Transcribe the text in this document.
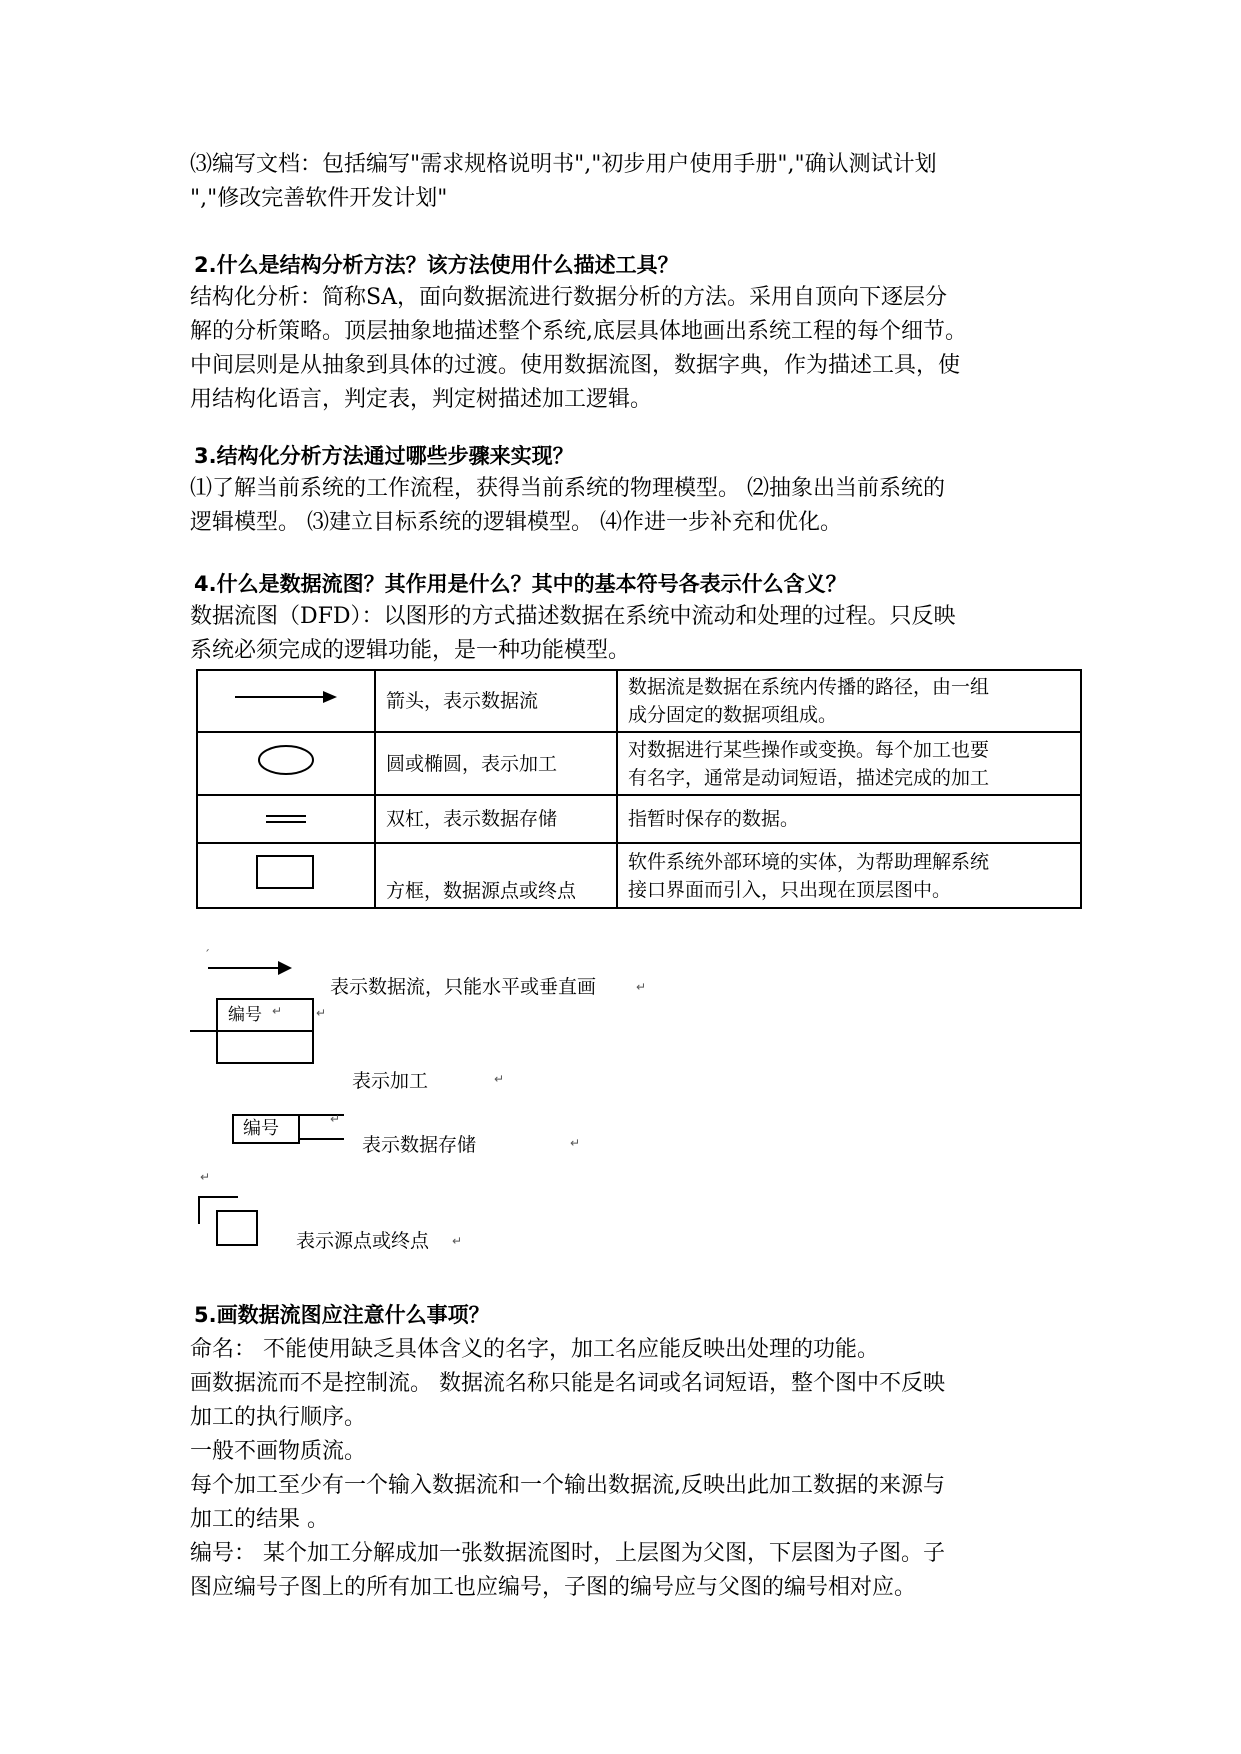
⑶编写文档：包括编写"需求规格说明书","初步用户使用手册","确认测试计划
","修改完善软件开发计划"
2.什么是结构分析方法？该方法使用什么描述工具？
结构化分析：简称SA，面向数据流进行数据分析的方法。采用自顶向下逐层分
解的分析策略。顶层抽象地描述整个系统,底层具体地画出系统工程的每个细节。
中间层则是从抽象到具体的过渡。使用数据流图，数据字典，作为描述工具，使
用结构化语言，判定表，判定树描述加工逻辑。
3.结构化分析方法通过哪些步骤来实现？
⑴了解当前系统的工作流程，获得当前系统的物理模型。 ⑵抽象出当前系统的
逻辑模型。 ⑶建立目标系统的逻辑模型。 ⑷作进一步补充和优化。
4.什么是数据流图？其作用是什么？其中的基本符号各表示什么含义？
数据流图（DFD）：以图形的方式描述数据在系统中流动和处理的过程。只反映
系统必须完成的逻辑功能，是一种功能模型。
	箭头，表示数据流	数据流是数据在系统内传播的路径，由一组
成分固定的数据项组成。

	圆或椭圆，表示加工	对数据进行某些操作或变换。每个加工也要
有名字，通常是动词短语，描述完成的加工

	双杠，表示数据存储	指暂时保存的数据。

	方框，数据源点或终点	软件系统外部环境的实体，为帮助理解系统
接口界面而引入，只出现在顶层图中。
ˊ
表示数据流，只能水平或垂直画	↵
编号 ↵	↵
表示加工	↵
编号	↵
表示数据存储	↵
↵
表示源点或终点 ↵
5.画数据流图应注意什么事项？
命名： 不能使用缺乏具体含义的名字，加工名应能反映出处理的功能。
画数据流而不是控制流。 数据流名称只能是名词或名词短语，整个图中不反映
加工的执行顺序。
一般不画物质流。
每个加工至少有一个输入数据流和一个输出数据流,反映出此加工数据的来源与
加工的结果 。
编号： 某个加工分解成加一张数据流图时，上层图为父图，下层图为子图。子
图应编号子图上的所有加工也应编号，子图的编号应与父图的编号相对应。
